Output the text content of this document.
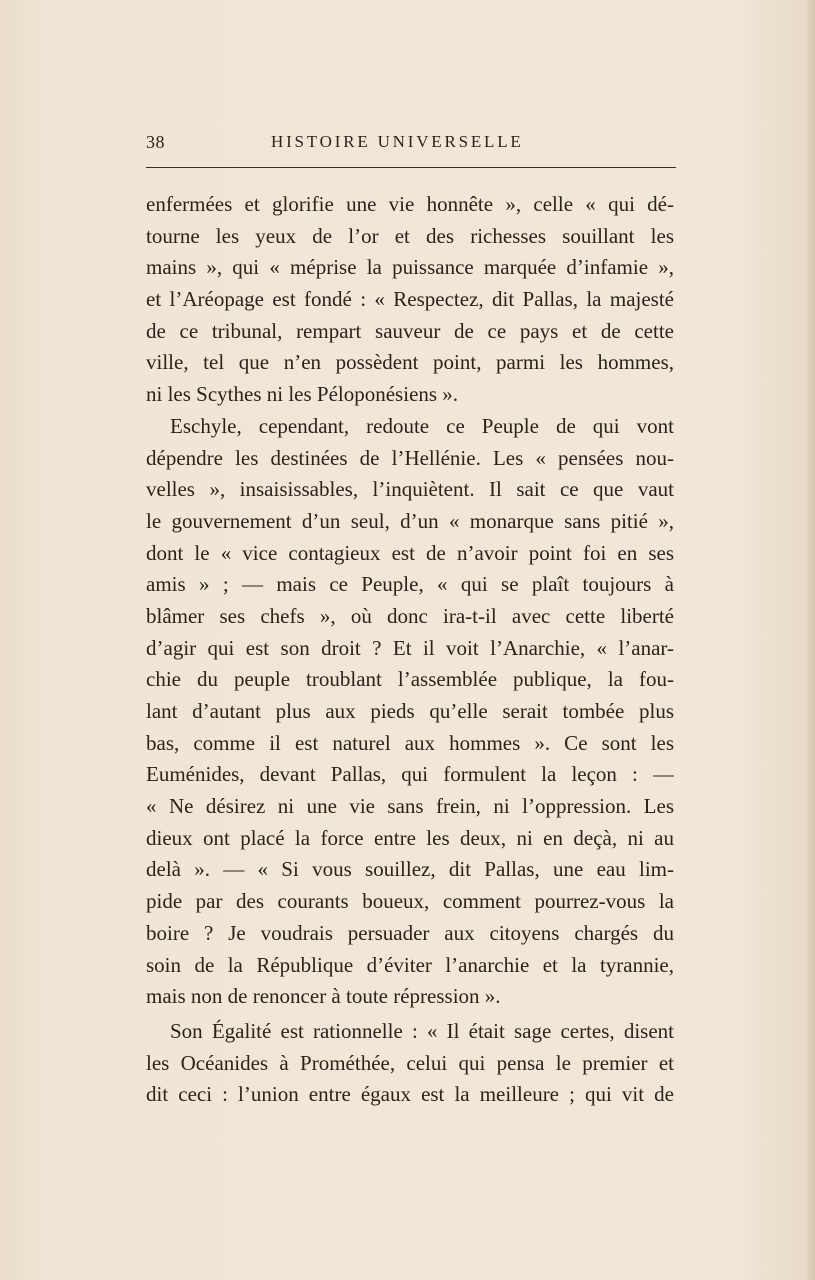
38	HISTOIRE UNIVERSELLE
enfermées et glorifie une vie honnête », celle « qui dé-
tourne les yeux de l’or et des richesses souillant les
mains », qui « méprise la puissance marquée d’infamie »,
et l’Aréopage est fondé : « Respectez, dit Pallas, la majesté
de ce tribunal, rempart sauveur de ce pays et de cette
ville, tel que n’en possèdent point, parmi les hommes,
ni les Scythes ni les Péloponésiens ».
Eschyle, cependant, redoute ce Peuple de qui vont
dépendre les destinées de l’Hellénie. Les « pensées nou-
velles », insaisissables, l’inquiètent. Il sait ce que vaut
le gouvernement d’un seul, d’un « monarque sans pitié »,
dont le « vice contagieux est de n’avoir point foi en ses
amis » ; — mais ce Peuple, « qui se plaît toujours à
blâmer ses chefs », où donc ira-t-il avec cette liberté
d’agir qui est son droit ? Et il voit l’Anarchie, « l’anar-
chie du peuple troublant l’assemblée publique, la fou-
lant d’autant plus aux pieds qu’elle serait tombée plus
bas, comme il est naturel aux hommes ». Ce sont les
Euménides, devant Pallas, qui formulent la leçon : —
« Ne désirez ni une vie sans frein, ni l’oppression. Les
dieux ont placé la force entre les deux, ni en deçà, ni au
delà ». — « Si vous souillez, dit Pallas, une eau lim-
pide par des courants boueux, comment pourrez-vous la
boire ? Je voudrais persuader aux citoyens chargés du
soin de la République d’éviter l’anarchie et la tyrannie,
mais non de renoncer à toute répression ».
Son Égalité est rationnelle : « Il était sage certes, disent
les Océanides à Prométhée, celui qui pensa le premier et
dit ceci : l’union entre égaux est la meilleure ; qui vit de
